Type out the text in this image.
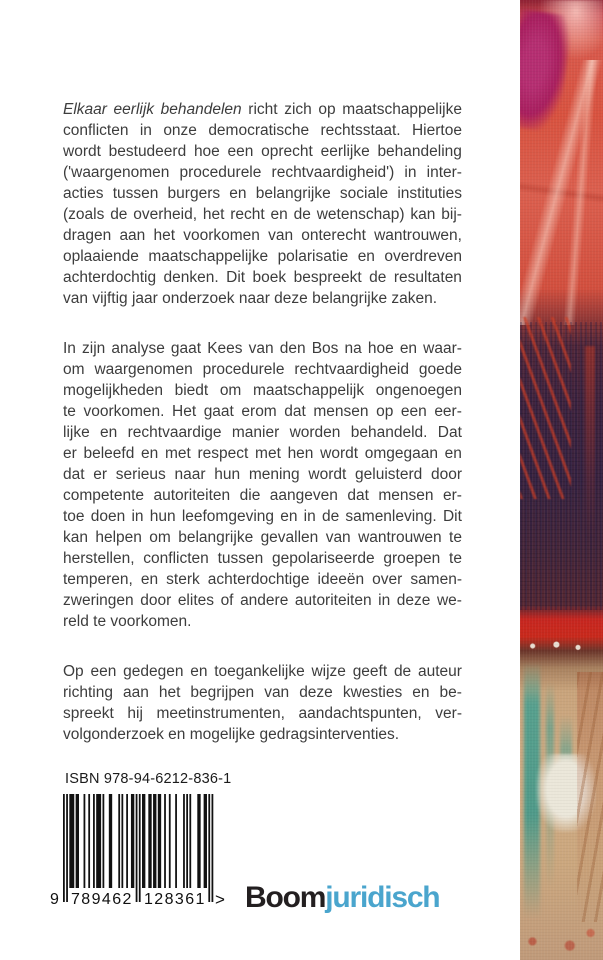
Elkaar eerlijk behandelen richt zich op maatschappelijke
conflicten in onze democratische rechtsstaat. Hiertoe
wordt bestudeerd hoe een oprecht eerlijke behandeling
('waargenomen procedurele rechtvaardigheid') in inter-
acties tussen burgers en belangrijke sociale instituties
(zoals de overheid, het recht en de wetenschap) kan bij-
dragen aan het voorkomen van onterecht wantrouwen,
oplaaiende maatschappelijke polarisatie en overdreven
achterdochtig denken. Dit boek bespreekt de resultaten
van vijftig jaar onderzoek naar deze belangrijke zaken.
In zijn analyse gaat Kees van den Bos na hoe en waar-
om waargenomen procedurele rechtvaardigheid goede
mogelijkheden biedt om maatschappelijk ongenoegen
te voorkomen. Het gaat erom dat mensen op een eer-
lijke en rechtvaardige manier worden behandeld. Dat
er beleefd en met respect met hen wordt omgegaan en
dat er serieus naar hun mening wordt geluisterd door
competente autoriteiten die aangeven dat mensen er-
toe doen in hun leefomgeving en in de samenleving. Dit
kan helpen om belangrijke gevallen van wantrouwen te
herstellen, conflicten tussen gepolariseerde groepen te
temperen, en sterk achterdochtige ideeën over samen-
zweringen door elites of andere autoriteiten in deze we-
reld te voorkomen.
Op een gedegen en toegankelijke wijze geeft de auteur
richting aan het begrijpen van deze kwesties en be-
spreekt hij meetinstrumenten, aandachtspunten, ver-
volgonderzoek en mogelijke gedragsinterventies.
ISBN 978-94-6212-836-1
9 789462 128361 > Boomjuridisch
